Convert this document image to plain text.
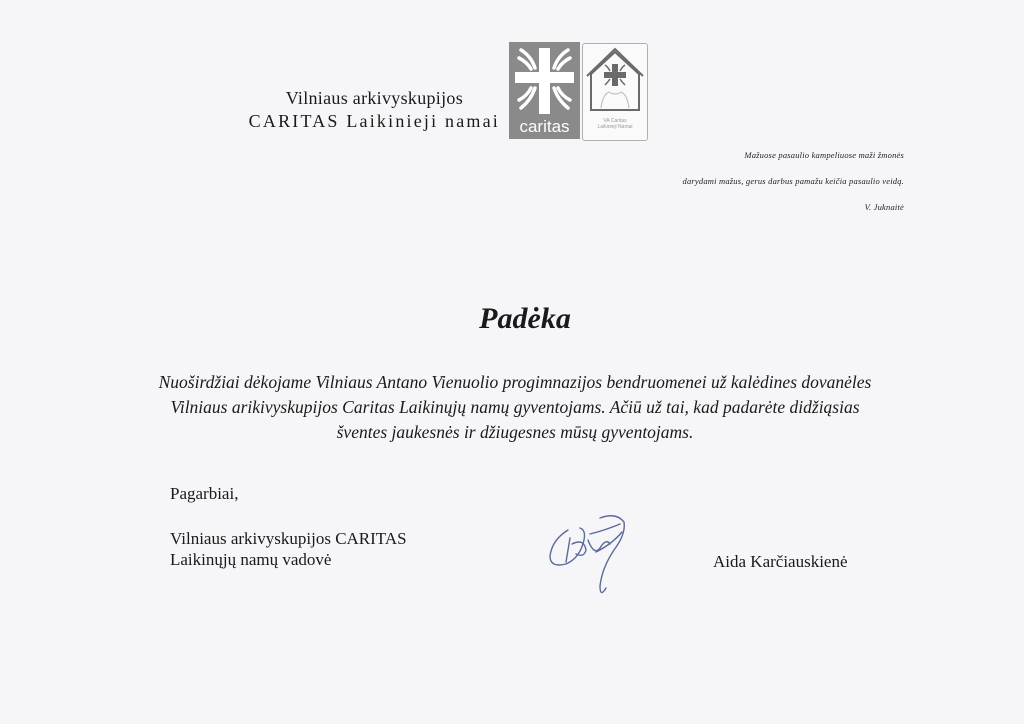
Vilniaus arkivyskupijos
CARITAS Laikinieji namai	caritas	VA Caritas
Laikinieji Namai
Mažuose pasaulio kampeliuose maži žmonės
darydami mažus, gerus darbus pamažu keičia pasaulio veidą.
V. Juknaitė
Padėka
Nuoširdžiai dėkojame Vilniaus Antano Vienuolio progimnazijos bendruomenei už kalėdines dovanėles Vilniaus arikivyskupijos Caritas Laikinųjų namų gyventojams. Ačiū už tai, kad padarėte didžiąsias šventes jaukesnės ir džiugesnes mūsų gyventojams.
Pagarbiai,
Vilniaus arkivyskupijos CARITAS
Laikinųjų namų vadovė	Aida Karčiauskienė
